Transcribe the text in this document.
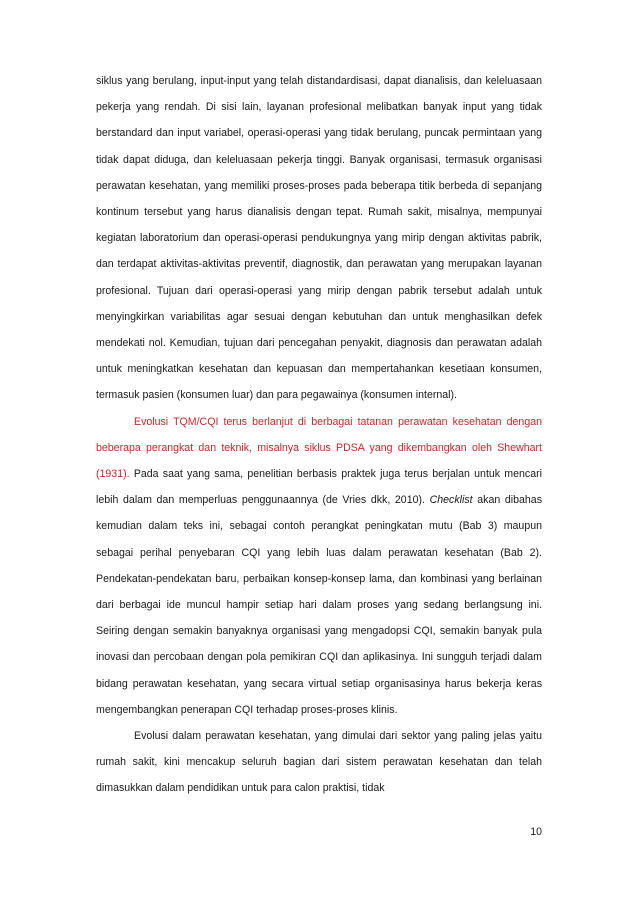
siklus yang berulang, input-input yang telah distandardisasi, dapat dianalisis, dan keleluasaan pekerja yang rendah. Di sisi lain, layanan profesional melibatkan banyak input yang tidak berstandard dan input variabel, operasi-operasi yang tidak berulang, puncak permintaan yang tidak dapat diduga, dan keleluasaan pekerja tinggi. Banyak organisasi, termasuk organisasi perawatan kesehatan, yang memiliki proses-proses pada beberapa titik berbeda di sepanjang kontinum tersebut yang harus dianalisis dengan tepat. Rumah sakit, misalnya, mempunyai kegiatan laboratorium dan operasi-operasi pendukungnya yang mirip dengan aktivitas pabrik, dan terdapat aktivitas-aktivitas preventif, diagnostik, dan perawatan yang merupakan layanan profesional. Tujuan dari operasi-operasi yang mirip dengan pabrik tersebut adalah untuk menyingkirkan variabilitas agar sesuai dengan kebutuhan dan untuk menghasilkan defek mendekati nol. Kemudian, tujuan dari pencegahan penyakit, diagnosis dan perawatan adalah untuk meningkatkan kesehatan dan kepuasan dan mempertahankan kesetiaan konsumen, termasuk pasien (konsumen luar) dan para pegawainya (konsumen internal).

Evolusi TQM/CQI terus berlanjut di berbagai tatanan perawatan kesehatan dengan beberapa perangkat dan teknik, misalnya siklus PDSA yang dikembangkan oleh Shewhart (1931). Pada saat yang sama, penelitian berbasis praktek juga terus berjalan untuk mencari lebih dalam dan memperluas penggunaannya (de Vries dkk, 2010). Checklist akan dibahas kemudian dalam teks ini, sebagai contoh perangkat peningkatan mutu (Bab 3) maupun sebagai perihal penyebaran CQI yang lebih luas dalam perawatan kesehatan (Bab 2). Pendekatan-pendekatan baru, perbaikan konsep-konsep lama, dan kombinasi yang berlainan dari berbagai ide muncul hampir setiap hari dalam proses yang sedang berlangsung ini. Seiring dengan semakin banyaknya organisasi yang mengadopsi CQI, semakin banyak pula inovasi dan percobaan dengan pola pemikiran CQI dan aplikasinya. Ini sungguh terjadi dalam bidang perawatan kesehatan, yang secara virtual setiap organisasinya harus bekerja keras mengembangkan penerapan CQI terhadap proses-proses klinis.

Evolusi dalam perawatan kesehatan, yang dimulai dari sektor yang paling jelas yaitu rumah sakit, kini mencakup seluruh bagian dari sistem perawatan kesehatan dan telah dimasukkan dalam pendidikan untuk para calon praktisi, tidak

10
